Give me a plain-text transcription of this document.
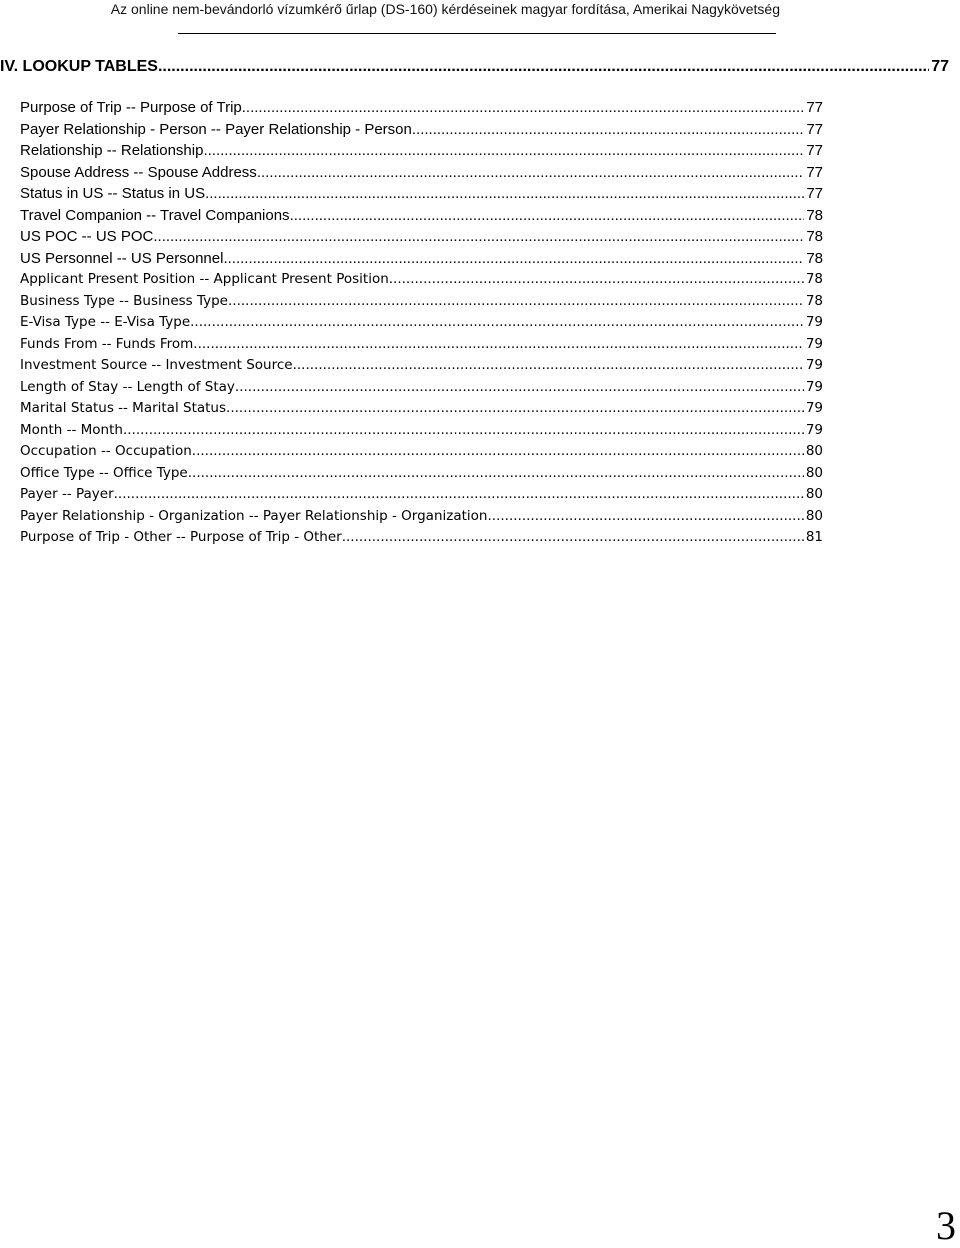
Az online nem-bevándorló vízumkérő űrlap (DS-160) kérdéseinek magyar fordítása, Amerikai Nagykövetség
IV. LOOKUP TABLES .....	77
Purpose of Trip -- Purpose of Trip .....	77
Payer Relationship - Person -- Payer Relationship - Person .....	77
Relationship -- Relationship .....	77
Spouse Address -- Spouse Address .....	77
Status in US -- Status in US .....	77
Travel Companion -- Travel Companions .....	78
US POC -- US POC .....	78
US Personnel -- US Personnel .....	78
Applicant Present Position -- Applicant Present Position .....	78
Business Type -- Business Type .....	78
E-Visa Type -- E-Visa Type .....	79
Funds From -- Funds From .....	79
Investment Source -- Investment Source .....	79
Length of Stay -- Length of Stay .....	79
Marital Status -- Marital Status .....	79
Month -- Month .....	79
Occupation -- Occupation .....	80
Office Type -- Office Type .....	80
Payer -- Payer .....	80
Payer Relationship - Organization -- Payer Relationship - Organization .....	80
Purpose of Trip - Other -- Purpose of Trip - Other .....	81
3
